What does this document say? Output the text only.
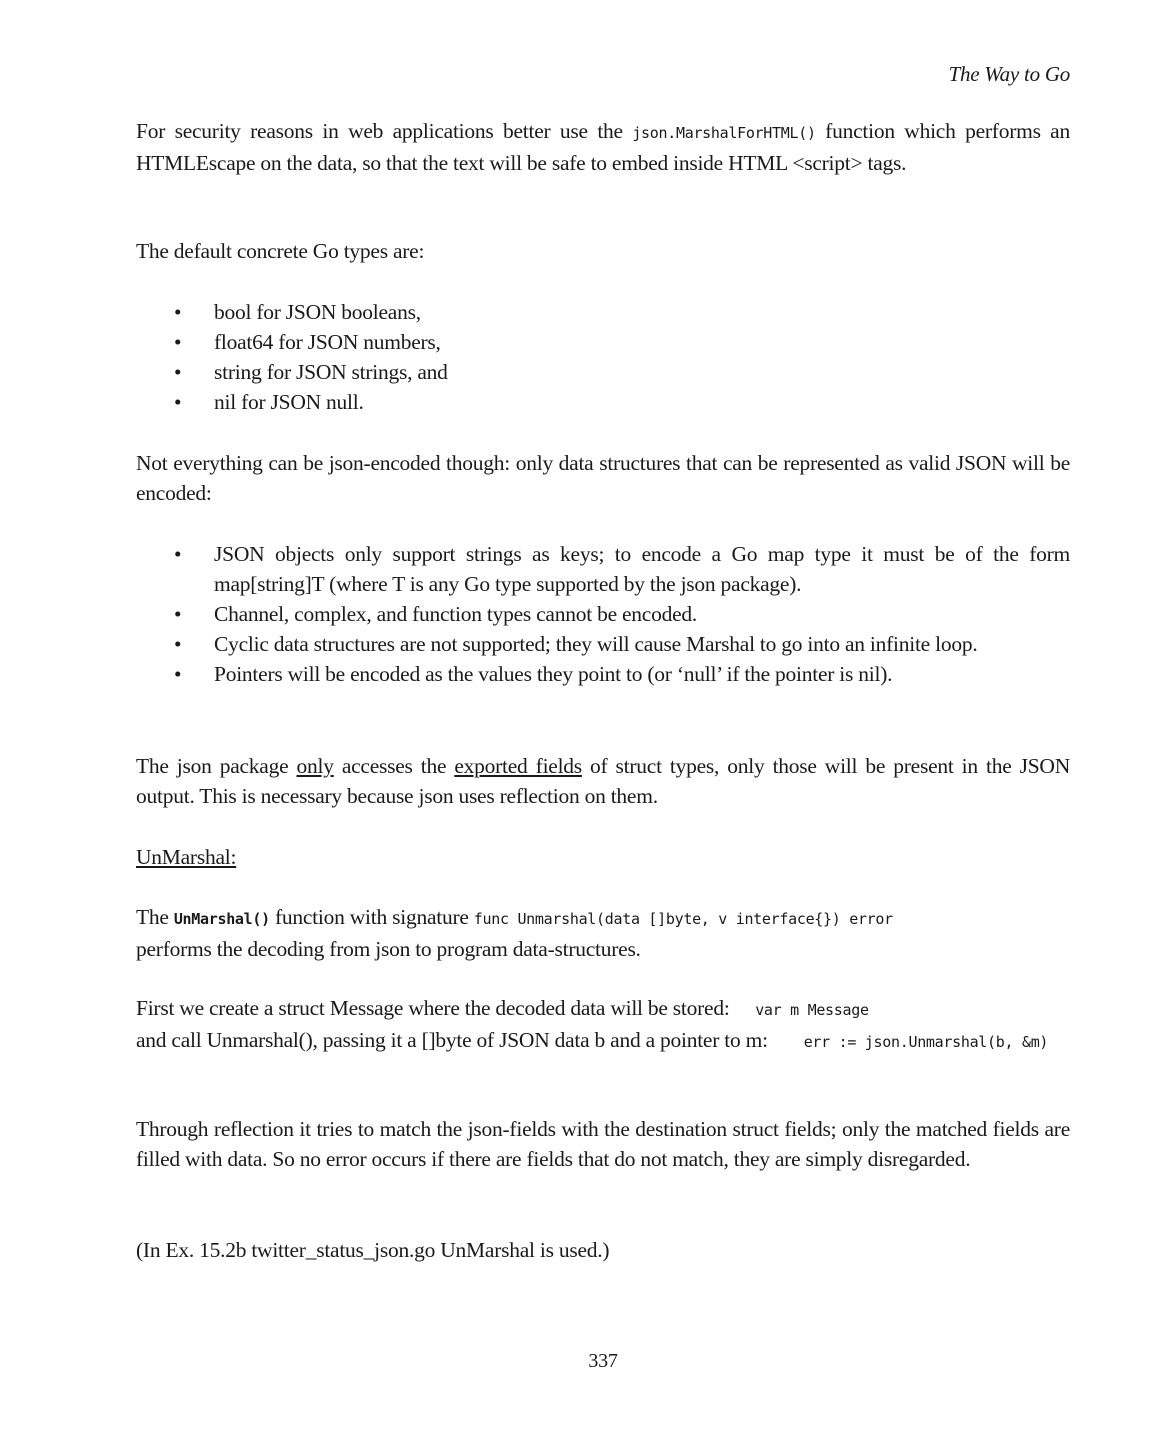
The Way to Go

For security reasons in web applications better use the json.MarshalForHTML() function which performs an HTMLEscape on the data, so that the text will be safe to embed inside HTML <script> tags.

The default concrete Go types are:

• bool for JSON booleans,
• float64 for JSON numbers,
• string for JSON strings, and
• nil for JSON null.

Not everything can be json-encoded though: only data structures that can be represented as valid JSON will be encoded:

• JSON objects only support strings as keys; to encode a Go map type it must be of the form map[string]T (where T is any Go type supported by the json package).
• Channel, complex, and function types cannot be encoded.
• Cyclic data structures are not supported; they will cause Marshal to go into an infinite loop.
• Pointers will be encoded as the values they point to (or ‘null’ if the pointer is nil).

The json package only accesses the exported fields of struct types, only those will be present in the JSON output. This is necessary because json uses reflection on them.

UnMarshal:

The UnMarshal() function with signature func Unmarshal(data []byte, v interface{}) error
performs the decoding from json to program data-structures.

First we create a struct Message where the decoded data will be stored: var m Message
and call Unmarshal(), passing it a []byte of JSON data b and a pointer to m: err := json.Unmarshal(b, &m)

Through reflection it tries to match the json-fields with the destination struct fields; only the matched fields are filled with data. So no error occurs if there are fields that do not match, they are simply disregarded.

(In Ex. 15.2b twitter_status_json.go UnMarshal is used.)

337
